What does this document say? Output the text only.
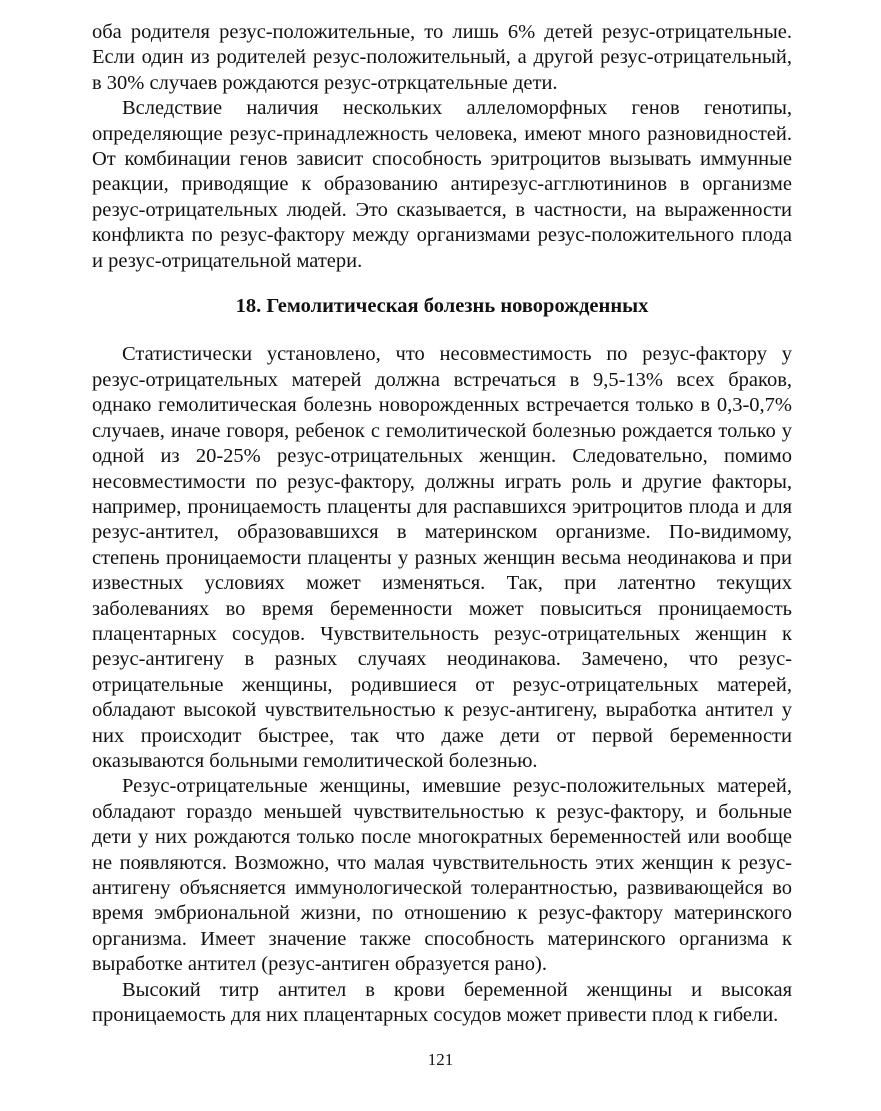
оба родителя резус-положительные, то лишь 6% детей резус-отрицательные. Если один из родителей резус-положительный, а другой резус-отрицательный, в 30% случаев рождаются резус-отркцательные дети.

Вследствие наличия нескольких аллеломорфных генов генотипы, определяющие резус-принадлежность человека, имеют много разновидностей. От комбинации генов зависит способность эритроцитов вызывать иммунные реакции, приводящие к образованию антирезус-агглютининов в организме резус-отрицательных людей. Это сказывается, в частности, на выраженности конфликта по резус-фактору между организмами резус-положительного плода и резус-отрицательной матери.

18. Гемолитическая болезнь новорожденных

Статистически установлено, что несовместимость по резус-фактору у резус-отрицательных матерей должна встречаться в 9,5-13% всех браков, однако гемолитическая болезнь новорожденных встречается только в 0,3-0,7% случаев, иначе говоря, ребенок с гемолитической болезнью рождается только у одной из 20-25% резус-отрицательных женщин. Следовательно, помимо несовместимости по резус-фактору, должны играть роль и другие факторы, например, проницаемость плаценты для распавшихся эритроцитов плода и для резус-антител, образовавшихся в материнском организме. По-видимому, степень проницаемости плаценты у разных женщин весьма неодинакова и при известных условиях может изменяться. Так, при латентно текущих заболеваниях во время беременности может повыситься проницаемость плацентарных сосудов. Чувствительность резус-отрицательных женщин к резус-антигену в разных случаях неодинакова. Замечено, что резус-отрицательные женщины, родившиеся от резус-отрицательных матерей, обладают высокой чувствительностью к резус-антигену, выработка антител у них происходит быстрее, так что даже дети от первой беременности оказываются больными гемолитической болезнью.

Резус-отрицательные женщины, имевшие резус-положительных матерей, обладают гораздо меньшей чувствительностью к резус-фактору, и больные дети у них рождаются только после многократных беременностей или вообще не появляются. Возможно, что малая чувствительность этих женщин к резус-антигену объясняется иммунологической толерантностью, развивающейся во время эмбриональной жизни, по отношению к резус-фактору материнского организма. Имеет значение также способность материнского организма к выработке антител (резус-антиген образуется рано).

Высокий титр антител в крови беременной женщины и высокая проницаемость для них плацентарных сосудов может привести плод к гибели.

121
